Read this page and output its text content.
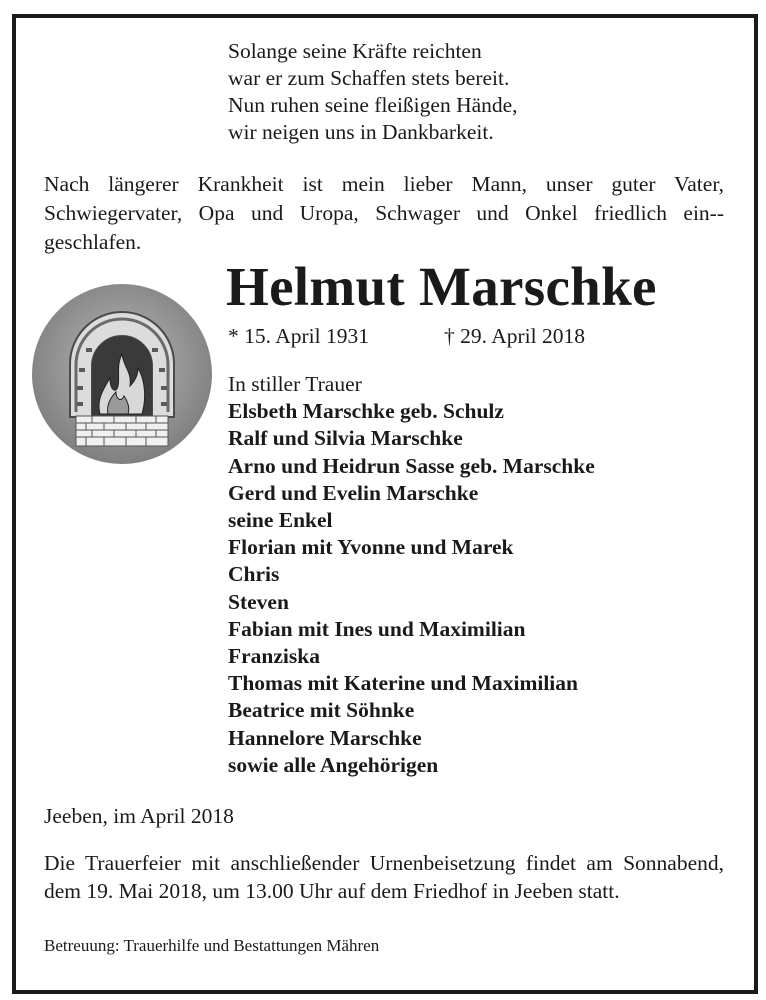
Solange seine Kräfte reichten
war er zum Schaffen stets bereit.
Nun ruhen seine fleißigen Hände,
wir neigen uns in Dankbarkeit.
Nach längerer Krankheit ist mein lieber Mann, unser guter Vater, Schwiegervater, Opa und Uropa, Schwager und Onkel friedlich ein-geschlafen.
Helmut Marschke
* 15. April 1931	† 29. April 2018
In stiller Trauer
Elsbeth Marschke geb. Schulz
Ralf und Silvia Marschke
Arno und Heidrun Sasse geb. Marschke
Gerd und Evelin Marschke
seine Enkel
Florian mit Yvonne und Marek
Chris
Steven
Fabian mit Ines und Maximilian
Franziska
Thomas mit Katerine und Maximilian
Beatrice mit Söhnke
Hannelore Marschke
sowie alle Angehörigen
Jeeben, im April 2018
Die Trauerfeier mit anschließender Urnenbeisetzung findet am Sonnabend, dem 19. Mai 2018, um 13.00 Uhr auf dem Friedhof in Jeeben statt.
Betreuung: Trauerhilfe und Bestattungen Mähren
